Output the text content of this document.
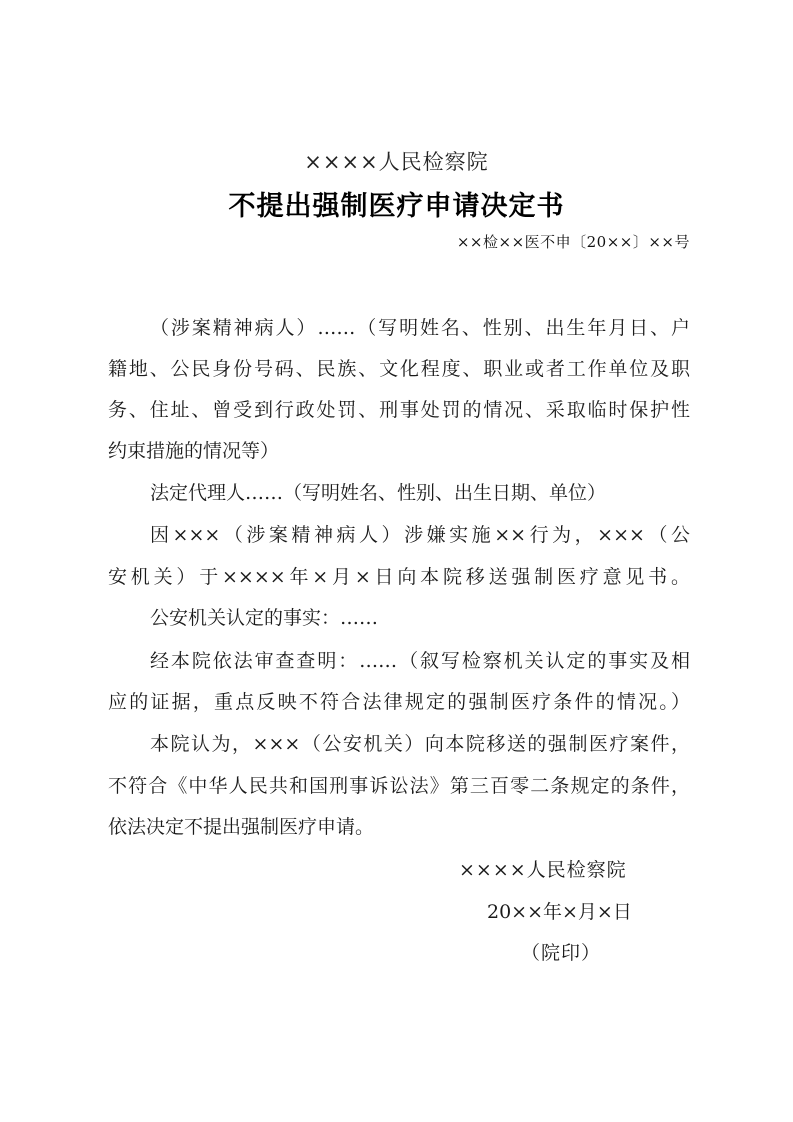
××××人民检察院
不提出强制医疗申请决定书
××检××医不申〔20××〕××号
（涉案精神病人）……（写明姓名、性别、出生年月日、户
籍地、公民身份号码、民族、文化程度、职业或者工作单位及职
务、住址、曾受到行政处罚、刑事处罚的情况、采取临时保护性
约束措施的情况等）
法定代理人……（写明姓名、性别、出生日期、单位）
因×××（涉案精神病人）涉嫌实施××行为，×××（公
安机关）于××××年×月×日向本院移送强制医疗意见书。
公安机关认定的事实：……
经本院依法审查查明：……（叙写检察机关认定的事实及相
应的证据，重点反映不符合法律规定的强制医疗条件的情况。）
本院认为，×××（公安机关）向本院移送的强制医疗案件，
不符合《中华人民共和国刑事诉讼法》第三百零二条规定的条件，
依法决定不提出强制医疗申请。
××××人民检察院
20××年×月×日
（院印）
